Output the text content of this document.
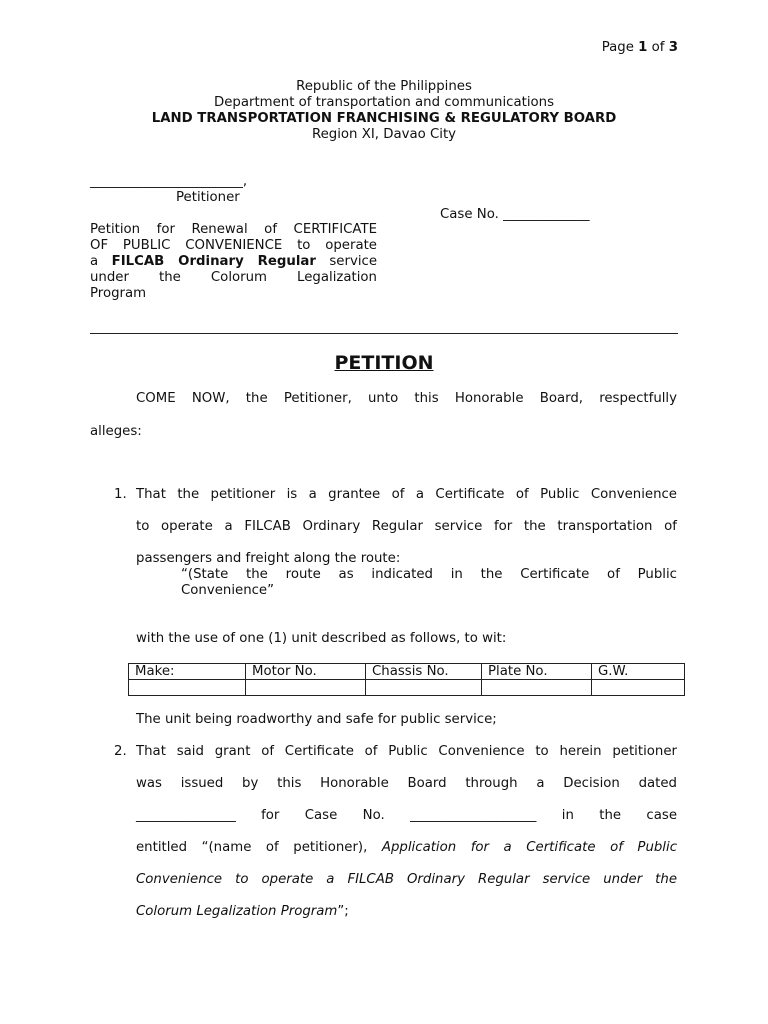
Page 1 of 3
Republic of the Philippines
Department of transportation and communications
LAND TRANSPORTATION FRANCHISING & REGULATORY BOARD
Region XI, Davao City
_______________________,
Petitioner
Case No. _____________
Petition for Renewal of CERTIFICATE
OF PUBLIC CONVENIENCE to operate
a FILCAB Ordinary Regular service
under the Colorum Legalization
Program
PETITION
COME NOW, the Petitioner, unto this Honorable Board, respectfully
alleges:
1. That the petitioner is a grantee of a Certificate of Public Convenience
to operate a FILCAB Ordinary Regular service for the transportation of
passengers and freight along the route:
“(State the route as indicated in the Certificate of Public
Convenience”
with the use of one (1) unit described as follows, to wit:
Make:	Motor No.	Chassis No.	Plate No.	G.W.

The unit being roadworthy and safe for public service;
2. That said grant of Certificate of Public Convenience to herein petitioner
was issued by this Honorable Board through a Decision dated
_______________ for Case No. ___________________ in the case
entitled “(name of petitioner), Application for a Certificate of Public
Convenience to operate a FILCAB Ordinary Regular service under the
Colorum Legalization Program”;
